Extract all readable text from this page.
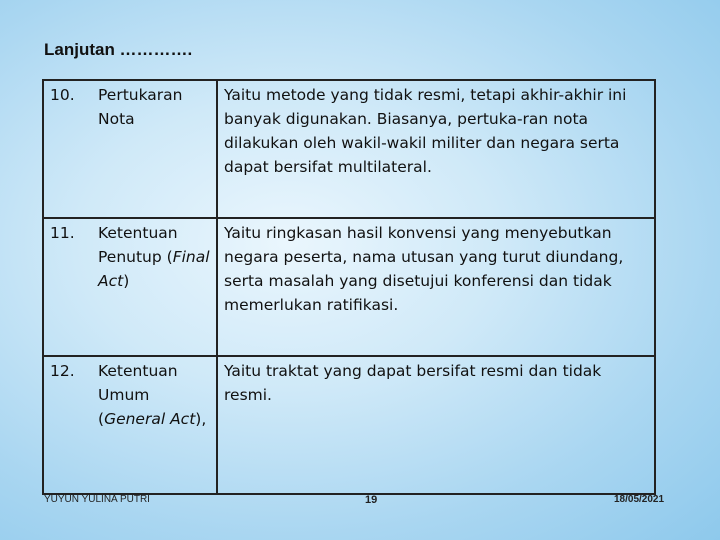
Lanjutan ………….
10. Pertukaran Nota	Yaitu metode yang tidak resmi, tetapi akhir-akhir ini banyak digunakan. Biasanya, pertuka-ran nota dilakukan oleh wakil-wakil militer dan negara serta dapat bersifat multilateral.

11. Ketentuan Penutup (Final Act)	Yaitu ringkasan hasil konvensi yang menyebutkan negara peserta, nama utusan yang turut diundang, serta masalah yang disetujui konferensi dan tidak memerlukan ratifikasi.

12. Ketentuan Umum (General Act),	Yaitu traktat yang dapat bersifat resmi dan tidak resmi.
YUYUN YULINA PUTRI	19	18/05/2021
